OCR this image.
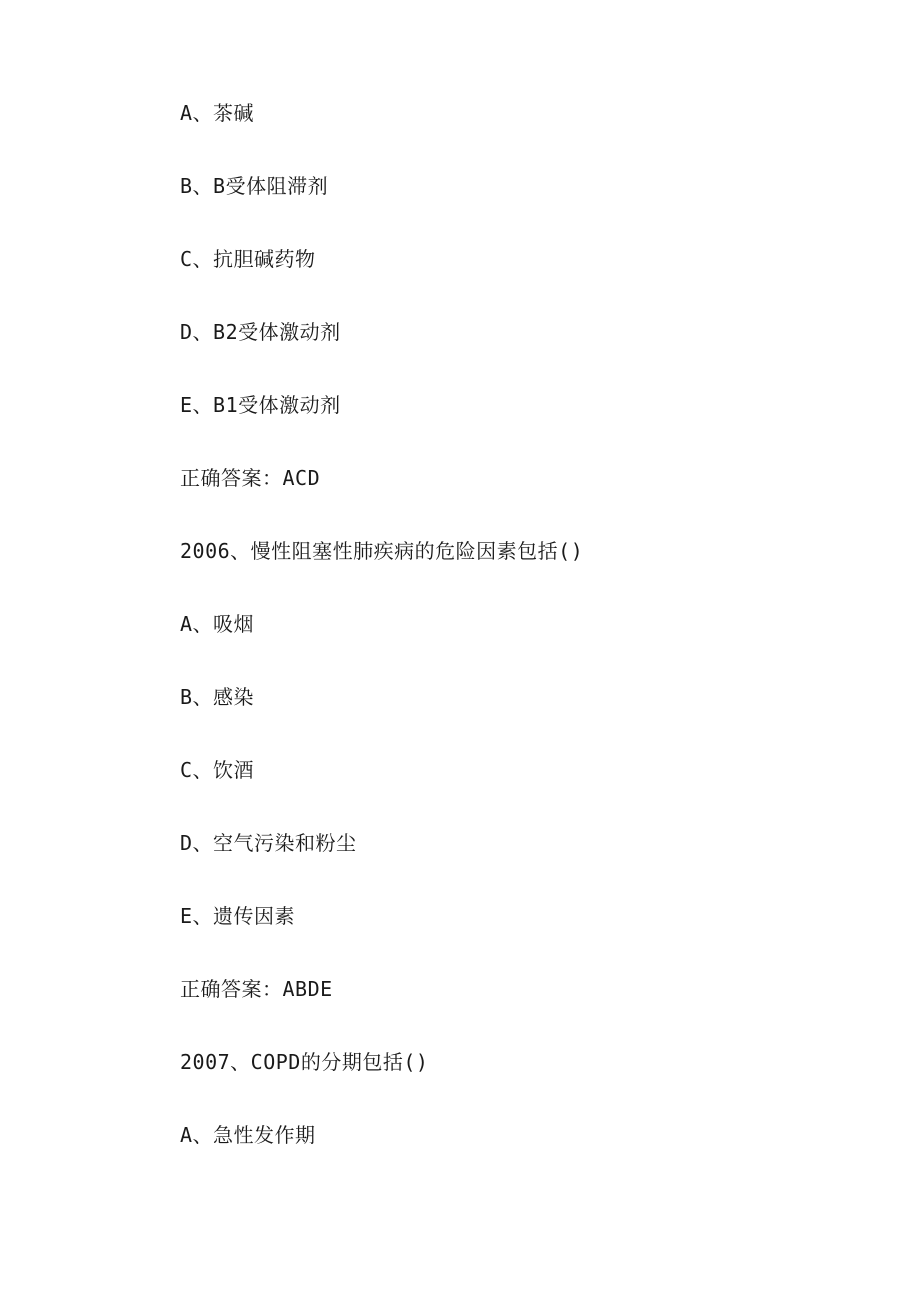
A、茶碱
B、B受体阻滞剂
C、抗胆碱药物
D、B2受体激动剂
E、B1受体激动剂
正确答案：ACD
2006、慢性阻塞性肺疾病的危险因素包括()
A、吸烟
B、感染
C、饮酒
D、空气污染和粉尘
E、遗传因素
正确答案：ABDE
2007、COPD的分期包括()
A、急性发作期
